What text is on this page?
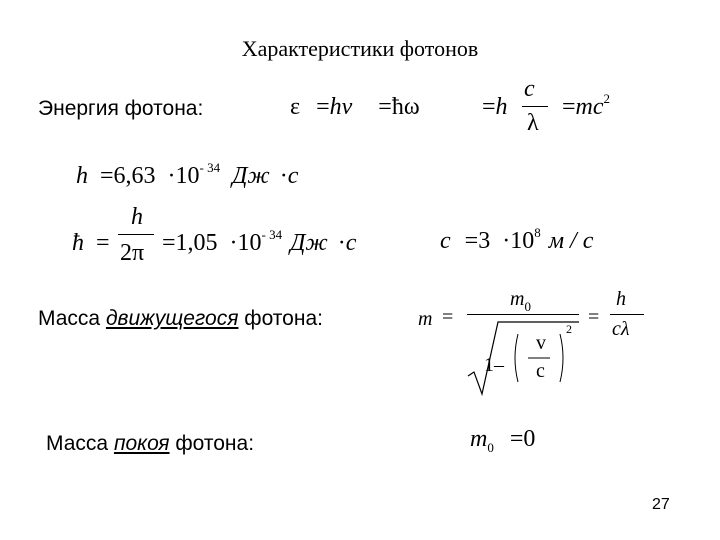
Характеристики фотонов
Энергия фотона:	ε =hν =ħω	=h
c
λ
$=mc^2$
$h =6,63 \cdot 10^{- 34}$ Дж ·с
ħ =
h
$2\pi =1,05 \cdot 10^{- 34}$ Дж ·с	$c =3 \cdot 10^8$ м / с
Масса движущегося фотона:	m =
$m_0$
1–
v
c
2
=
h
cλ
Масса покоя фотона:	$m_0 =0$
27
